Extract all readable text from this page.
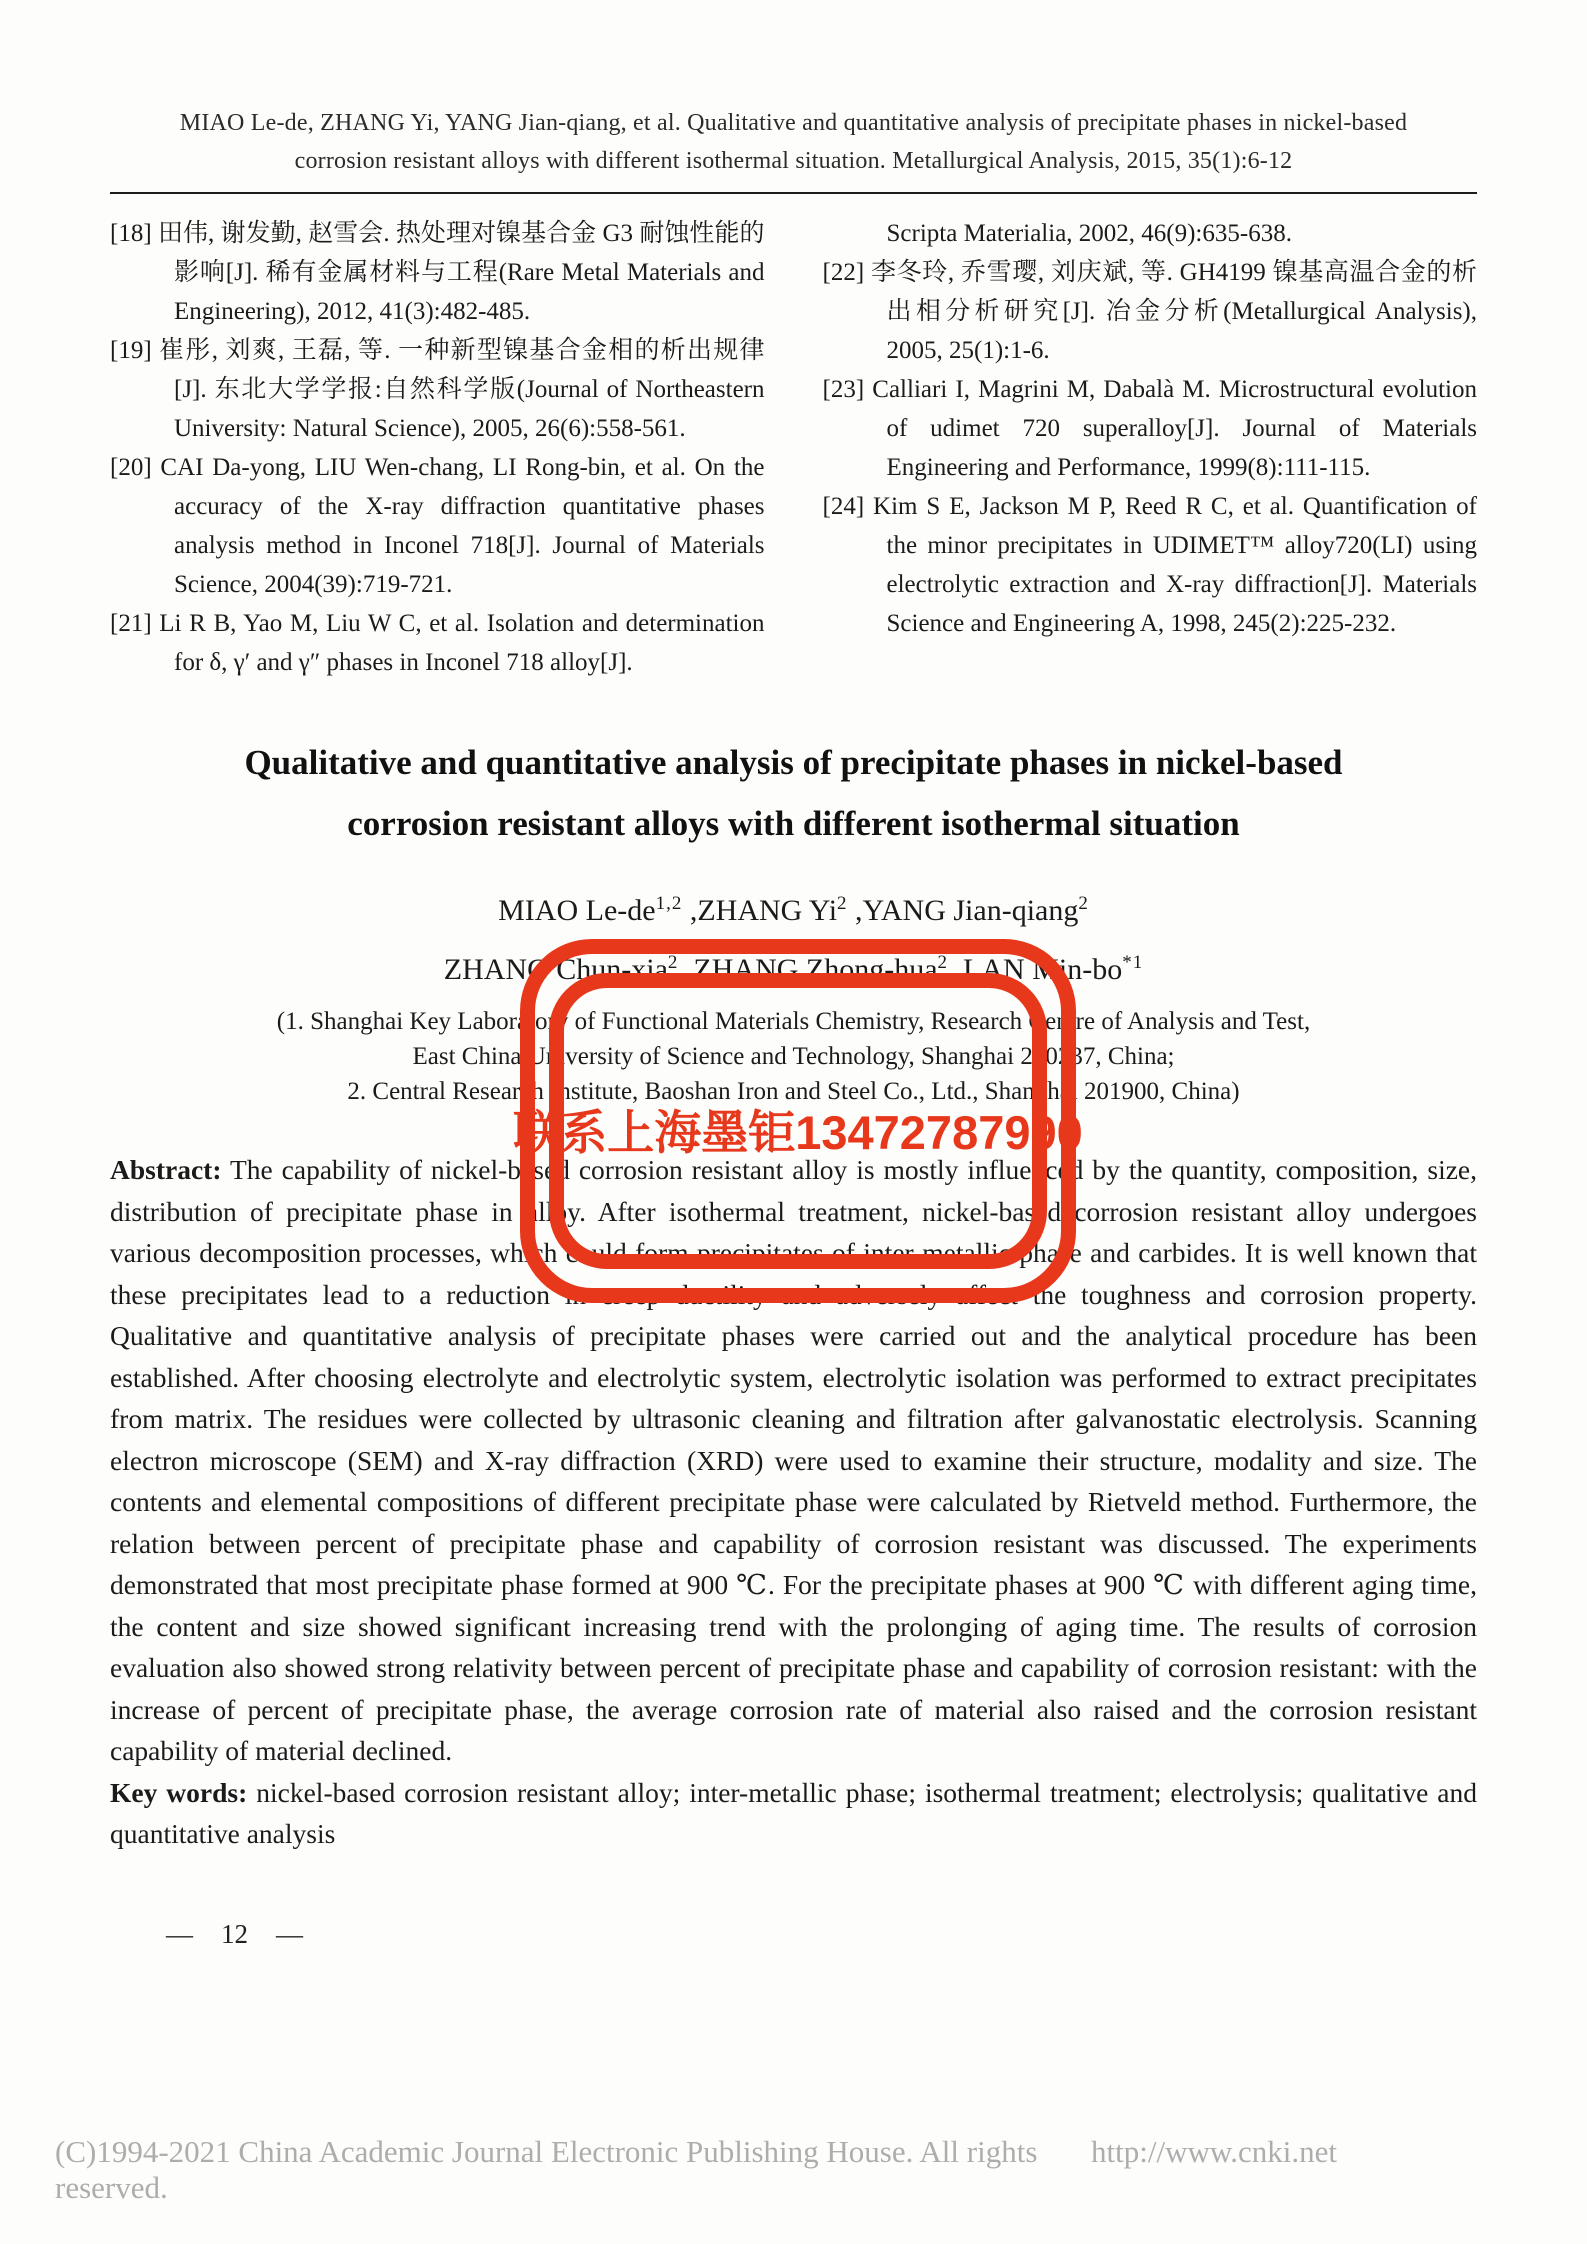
MIAO Le-de, ZHANG Yi, YANG Jian-qiang, et al. Qualitative and quantitative analysis of precipitate phases in nickel-based
corrosion resistant alloys with different isothermal situation. Metallurgical Analysis, 2015, 35(1):6-12

[18] 田伟, 谢发勤, 赵雪会. 热处理对镍基合金 G3 耐蚀性能的影响[J]. 稀有金属材料与工程(Rare Metal Materials and Engineering), 2012, 41(3):482-485.

[19] 崔彤, 刘爽, 王磊, 等. 一种新型镍基合金相的析出规律[J]. 东北大学学报:自然科学版(Journal of Northeastern University: Natural Science), 2005, 26(6):558-561.

[20] CAI Da-yong, LIU Wen-chang, LI Rong-bin, et al. On the accuracy of the X-ray diffraction quantitative phases analysis method in Inconel 718[J]. Journal of Materials Science, 2004(39):719-721.

[21] Li R B, Yao M, Liu W C, et al. Isolation and determination for δ, γ′ and γ″ phases in Inconel 718 alloy[J].

Scripta Materialia, 2002, 46(9):635-638.

[22] 李冬玲, 乔雪璎, 刘庆斌, 等. GH4199 镍基高温合金的析出相分析研究[J]. 冶金分析(Metallurgical Analysis), 2005, 25(1):1-6.

[23] Calliari I, Magrini M, Dabalà M. Microstructural evolution of udimet 720 superalloy[J]. Journal of Materials Engineering and Performance, 1999(8):111-115.

[24] Kim S E, Jackson M P, Reed R C, et al. Quantification of the minor precipitates in UDIMET™ alloy720(LI) using electrolytic extraction and X-ray diffraction[J]. Materials Science and Engineering A, 1998, 245(2):225-232.

Qualitative and quantitative analysis of precipitate phases in nickel-based
corrosion resistant alloys with different isothermal situation
MIAO Le-de$^{1,2}$ ,ZHANG Yi$^2$ ,YANG Jian-qiang$^2$
ZHANG Chun-xia$^2$ ,ZHANG Zhong-hua$^2$ ,LAN Min-$bo^{*1}$
(1. Shanghai Key Laboratory of Functional Materials Chemistry, Research Centre of Analysis and Test,
East China University of Science and Technology, Shanghai 200237, China;
2. Central Research Institute, Baoshan Iron and Steel Co., Ltd., Shanghai 201900, China)

Abstract: The capability of nickel-based corrosion resistant alloy is mostly influenced by the quantity, composition, size, distribution of precipitate phase in alloy. After isothermal treatment, nickel-based corrosion resistant alloy undergoes various decomposition processes, which could form precipitates of inter-metallic phase and carbides. It is well known that these precipitates lead to a reduction in creep ductility and adversely affect the toughness and corrosion property. Qualitative and quantitative analysis of precipitate phases were carried out and the analytical procedure has been established. After choosing electrolyte and electrolytic system, electrolytic isolation was performed to extract precipitates from matrix. The residues were collected by ultrasonic cleaning and filtration after galvanostatic electrolysis. Scanning electron microscope (SEM) and X-ray diffraction (XRD) were used to examine their structure, modality and size. The contents and elemental compositions of different precipitate phase were calculated by Rietveld method. Furthermore, the relation between percent of precipitate phase and capability of corrosion resistant was discussed. The experiments demonstrated that most precipitate phase formed at 900 ℃. For the precipitate phases at 900 ℃ with different aging time, the content and size showed significant increasing trend with the prolonging of aging time. The results of corrosion evaluation also showed strong relativity between percent of precipitate phase and capability of corrosion resistant: with the increase of percent of precipitate phase, the average corrosion rate of material also raised and the corrosion resistant capability of material declined.

Key words: nickel-based corrosion resistant alloy; inter-metallic phase; isothermal treatment; electrolysis; qualitative and quantitative analysis

— 12 —
联系上海墨钜13472787990
(C)1994-2021 China Academic Journal Electronic Publishing House. All rights reserved.
http://www.cnki.net
